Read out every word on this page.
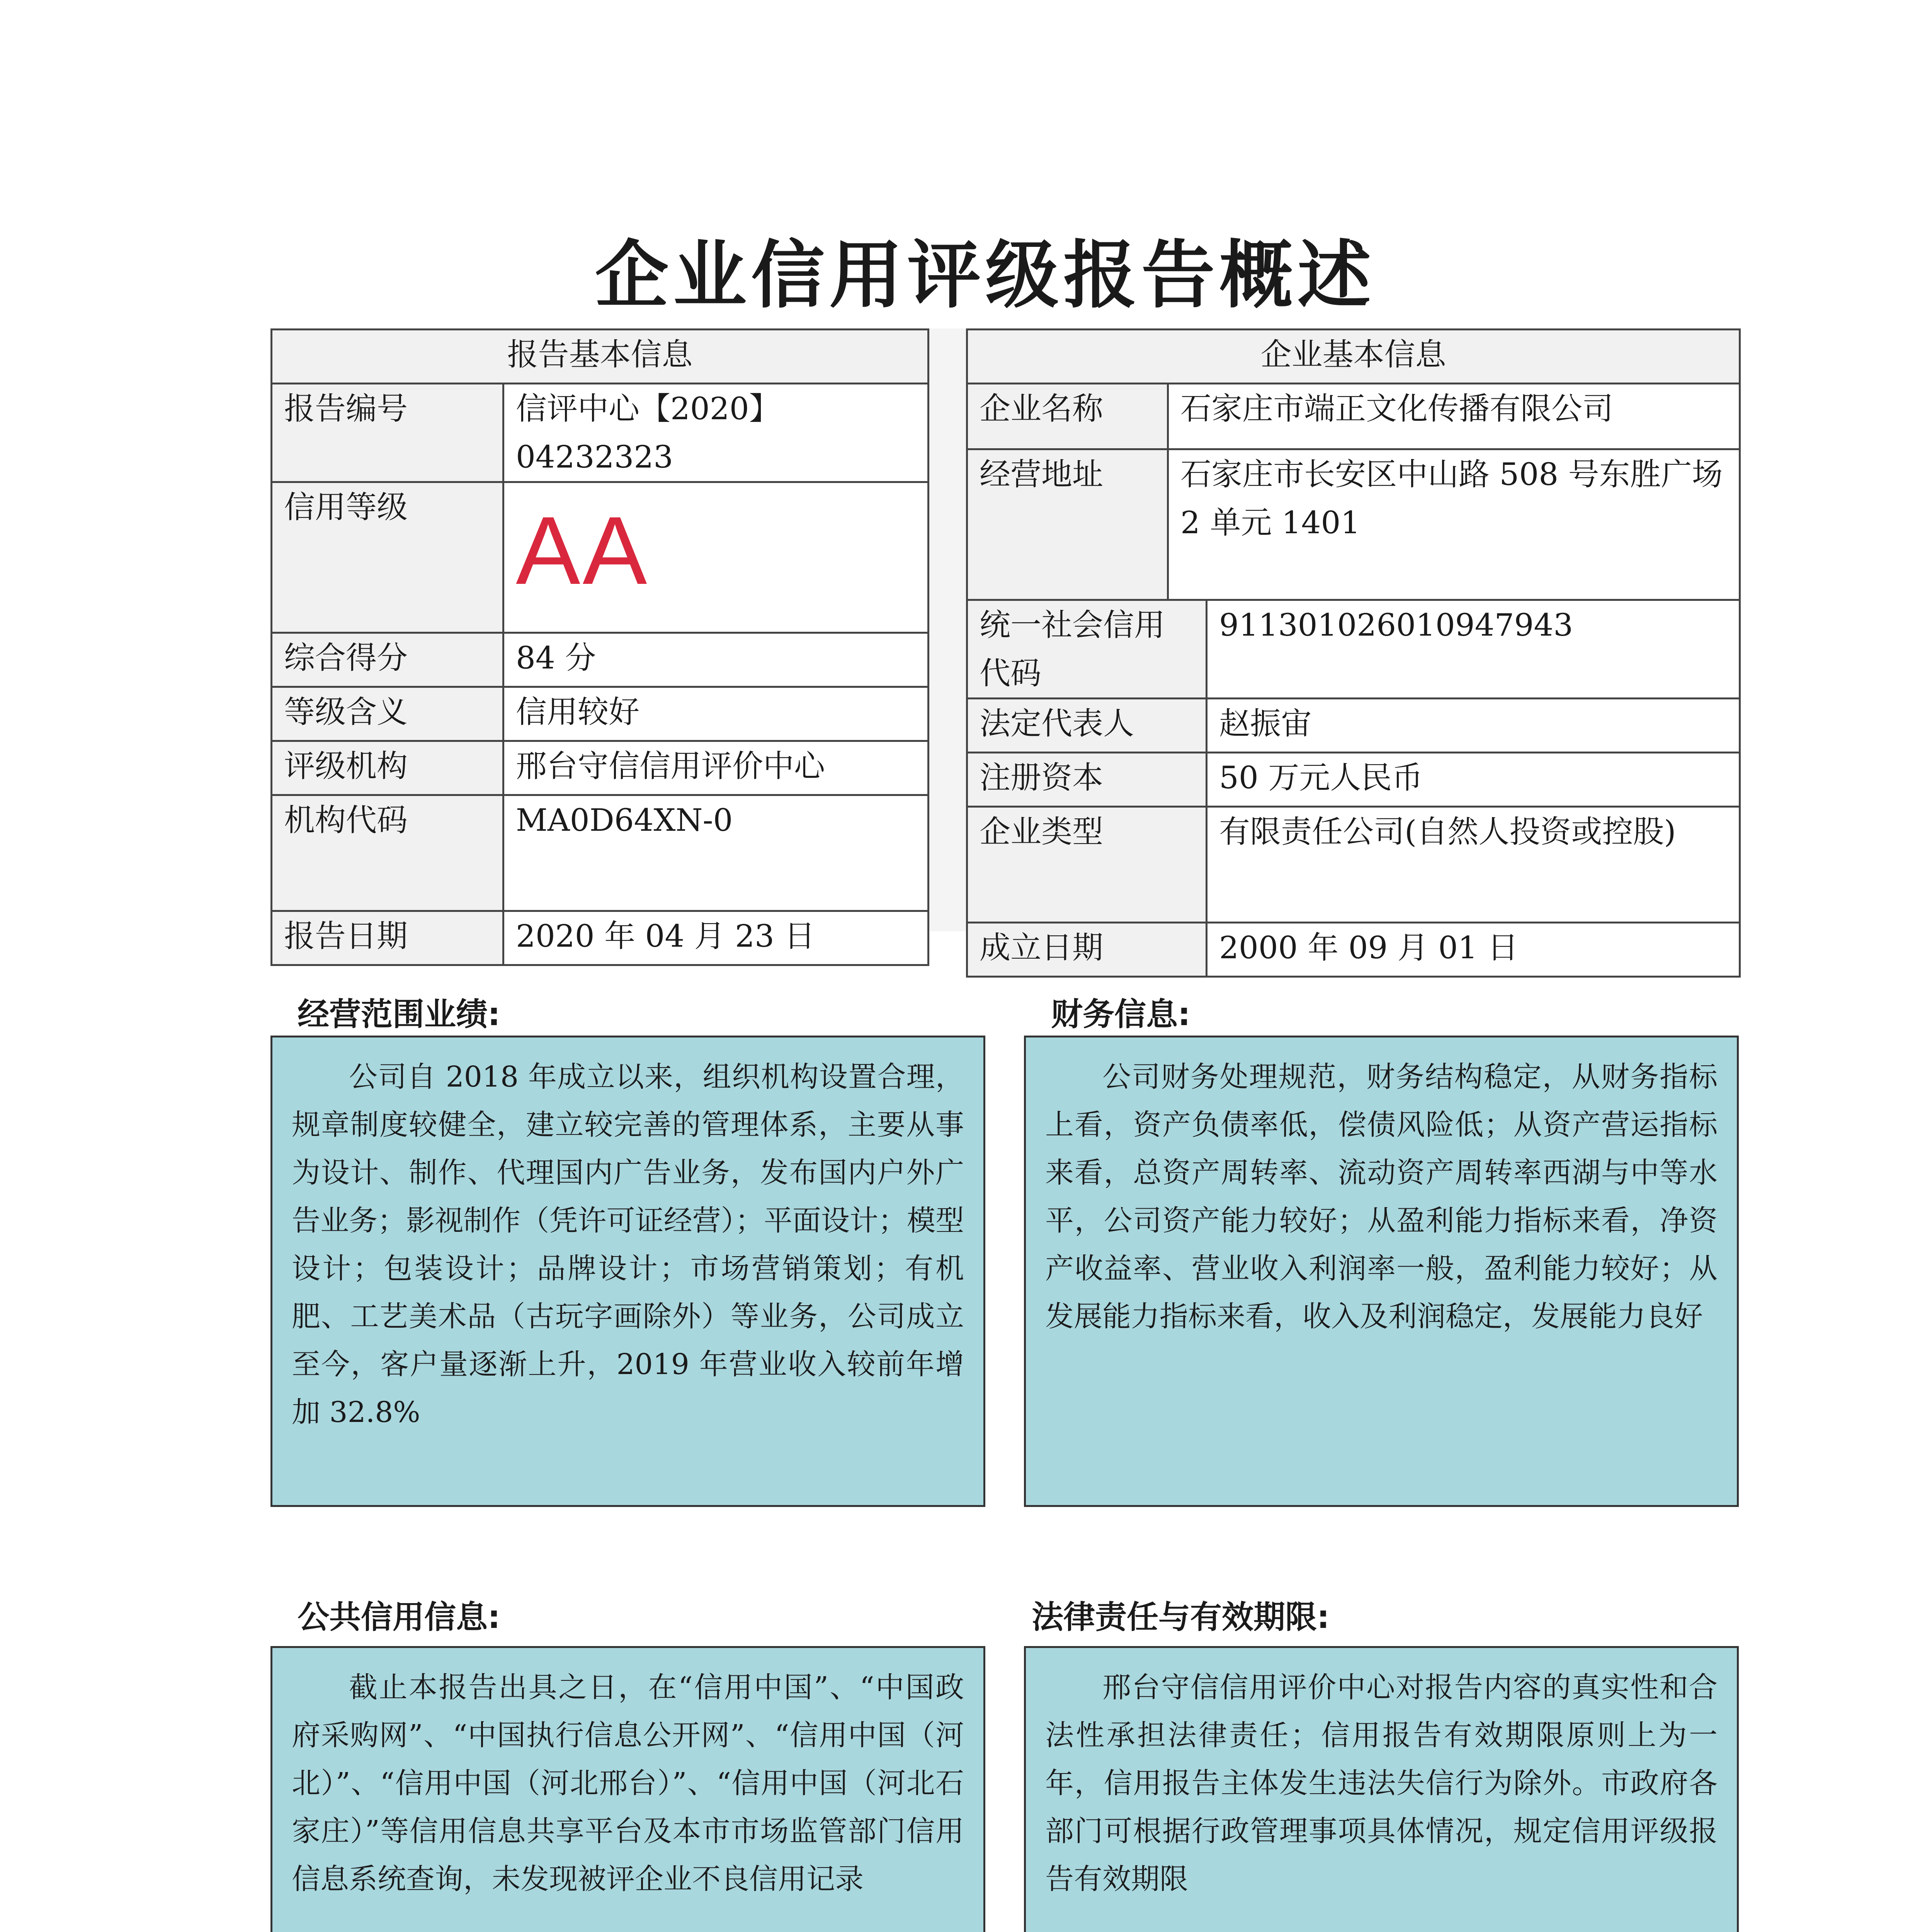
企业信用评级报告概述
报告基本信息	
报告编号	信评中心【2020】04232323
信用等级	AA
综合得分	84 分
等级含义	信用较好
评级机构	邢台守信信用评价中心
机构代码	MA0D64XN-0
报告日期	2020 年 04 月 23 日
企业基本信息		
企业名称	石家庄市端正文化传播有限公司	
经营地址	石家庄市长安区中山路 508 号东胜广场 2 单元 1401	
统一社会信用代码		911301026010947943
法定代表人		赵振宙
注册资本		50 万元人民币
企业类型		有限责任公司(自然人投资或控股)
成立日期		2000 年 09 月 01 日
经营范围业绩:
公司自 2018 年成立以来，组织机构设置合理，规章制度较健全，建立较完善的管理体系，主要从事为设计、制作、代理国内广告业务，发布国内户外广告业务；影视制作（凭许可证经营）；平面设计；模型设计；包装设计；品牌设计；市场营销策划；有机肥、工艺美术品（古玩字画除外）等业务，公司成立至今，客户量逐渐上升，2019 年营业收入较前年增加 32.8%
财务信息:
公司财务处理规范，财务结构稳定，从财务指标上看，资产负债率低，偿债风险低；从资产营运指标来看，总资产周转率、流动资产周转率西湖与中等水平，公司资产能力较好；从盈利能力指标来看，净资产收益率、营业收入利润率一般，盈利能力较好；从发展能力指标来看，收入及利润稳定，发展能力良好
公共信用信息:
截止本报告出具之日，在“信用中国”、“中国政府采购网”、“中国执行信息公开网”、“信用中国（河北）”、“信用中国（河北邢台）”、“信用中国（河北石家庄）”等信用信息共享平台及本市市场监管部门信用信息系统查询，未发现被评企业不良信用记录
法律责任与有效期限:
邢台守信信用评价中心对报告内容的真实性和合法性承担法律责任；信用报告有效期限原则上为一年，信用报告主体发生违法失信行为除外。市政府各部门可根据行政管理事项具体情况，规定信用评级报告有效期限
